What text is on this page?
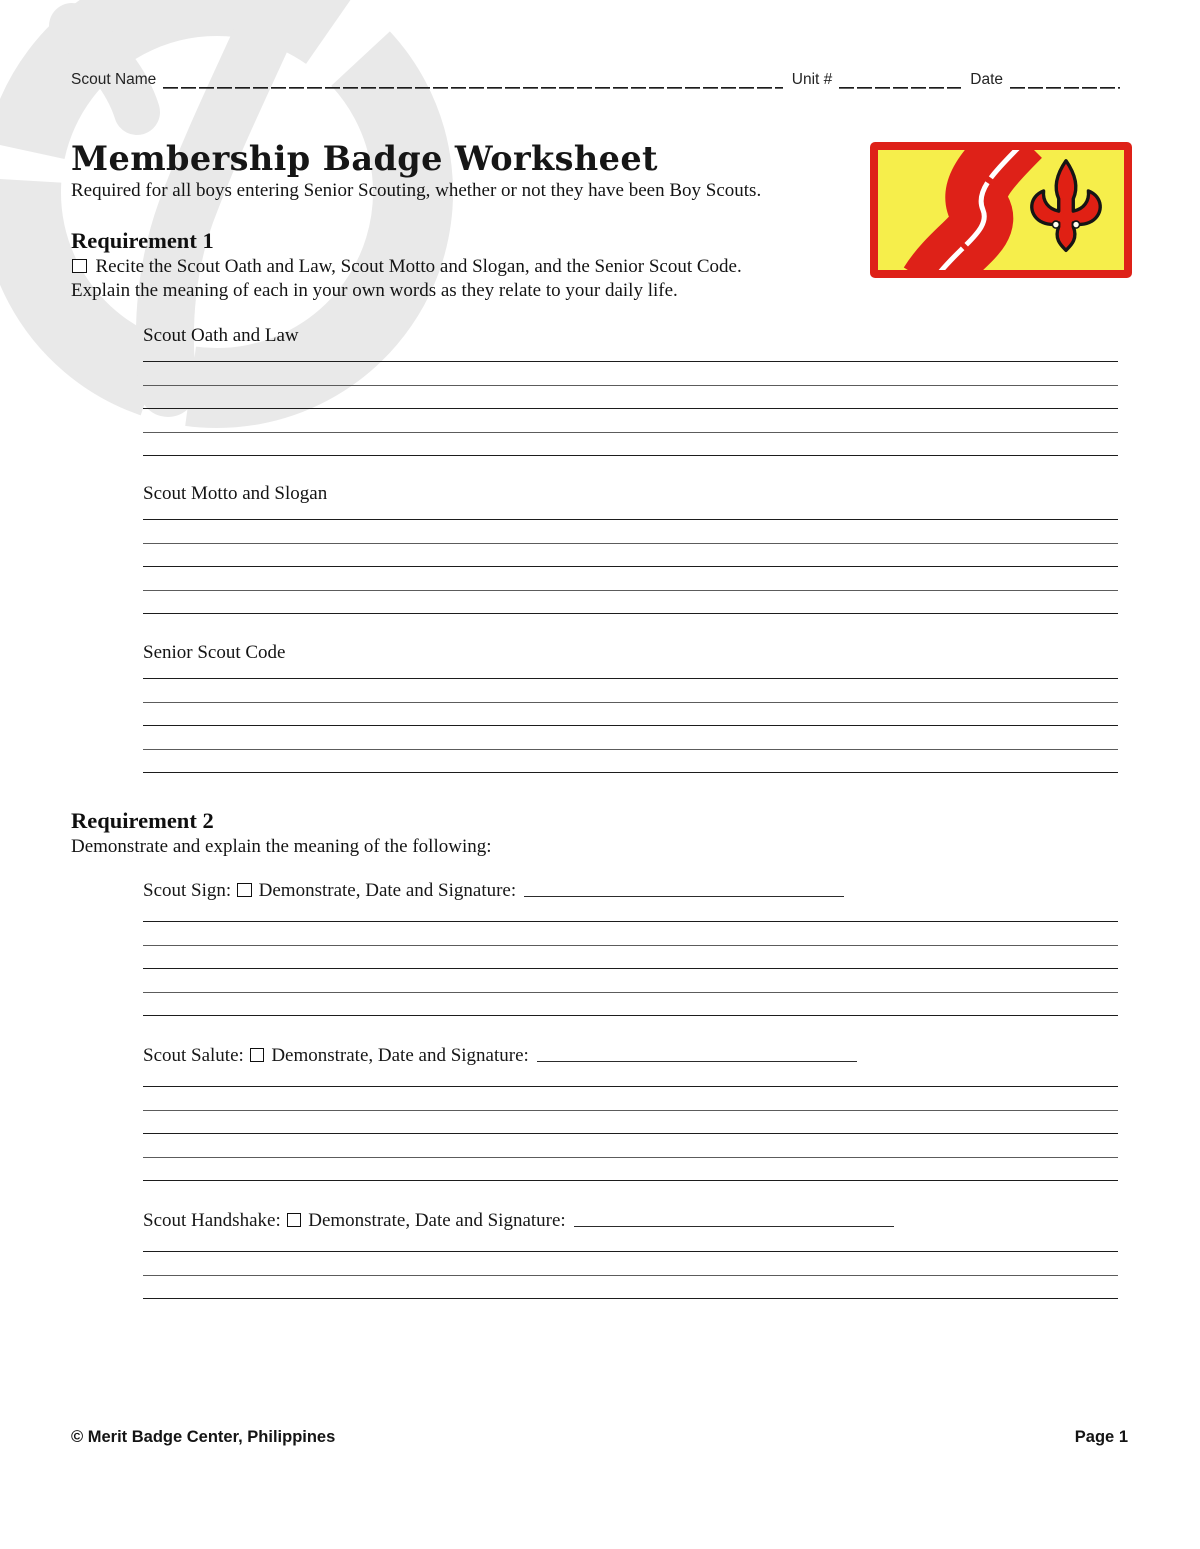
Scout Name	Unit #	Date
Membership Badge Worksheet

Required for all boys entering Senior Scouting, whether or not they have been Boy Scouts.

Requirement 1

Recite the Scout Oath and Law, Scout Motto and Slogan, and the Senior Scout Code.

Explain the meaning of each in your own words as they relate to your daily life.

Scout Oath and Law
Scout Motto and Slogan
Senior Scout Code
Requirement 2

Demonstrate and explain the meaning of the following:

Scout Sign: Demonstrate, Date and Signature:
Scout Salute: Demonstrate, Date and Signature:
Scout Handshake: Demonstrate, Date and Signature:
© Merit Badge Center, Philippines	Page 1
